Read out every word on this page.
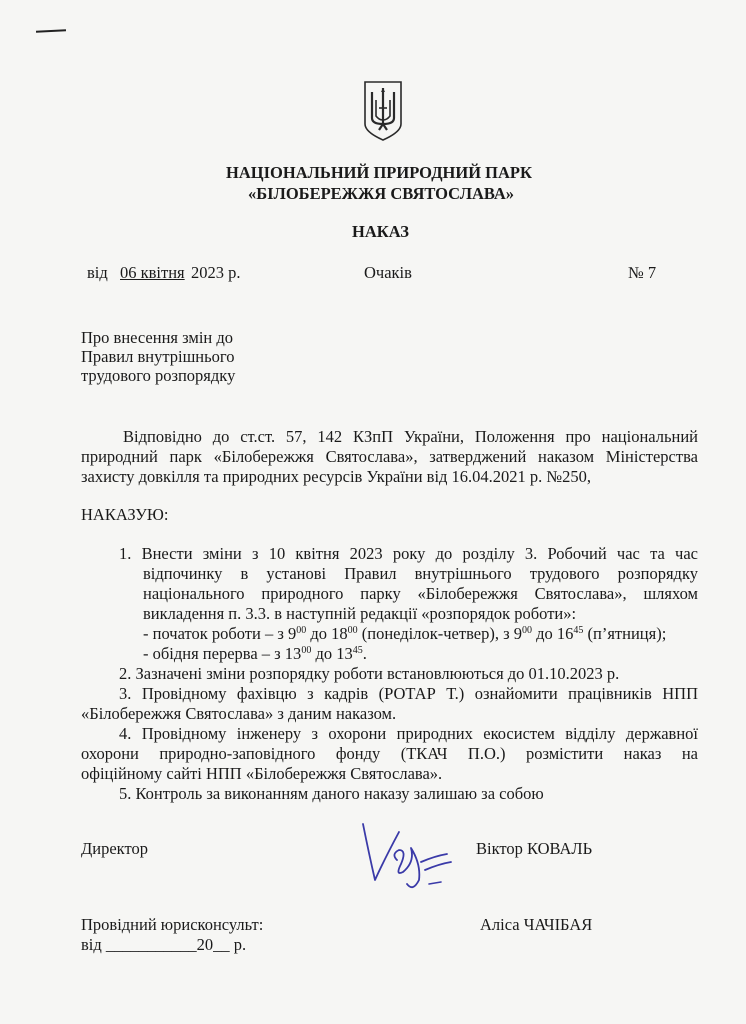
НАЦІОНАЛЬНИЙ ПРИРОДНИЙ ПАРК
«БІЛОБЕРЕЖЖЯ СВЯТОСЛАВА»
НАКАЗ
від 06 квітня 2023 р.	Очаків	№ 7
Про внесення змін до
Правил внутрішнього
трудового розпорядку
Відповідно до ст.ст. 57, 142 КЗпП України, Положення про національний
природний парк «Білобережжя Святослава», затверджений наказом Міністерства
захисту довкілля та природних ресурсів України від 16.04.2021 р. №250,
НАКАЗУЮ:
1. Внести зміни з 10 квітня 2023 року до розділу 3. Робочий час та час
відпочинку в установі Правил внутрішнього трудового розпорядку
національного природного парку «Білобережжя Святослава», шляхом
викладення п. 3.3. в наступній редакції «розпорядок роботи»:
- початок роботи – з $9^{00}$ до $18^{00}$ (понеділок-четвер), з $9^{00}$ до $16^{45}$ (п’ятниця);
- обідня перерва – з $13^{00}$ до $13^{45}$.
2. Зазначені зміни розпорядку роботи встановлюються до 01.10.2023 р.
3. Провідному фахівцю з кадрів (РОТАР Т.) ознайомити працівників НПП
«Білобережжя Святослава» з даним наказом.
4. Провідному інженеру з охорони природних екосистем відділу державної
охорони природно-заповідного фонду (ТКАЧ П.О.) розмістити наказ на
офіційному сайті НПП «Білобережжя Святослава».
5. Контроль за виконанням даного наказу залишаю за собою
Директор	Віктор КОВАЛЬ
Провідний юрисконсульт:	Аліса ЧАЧІБАЯ
від ___________20__ р.
